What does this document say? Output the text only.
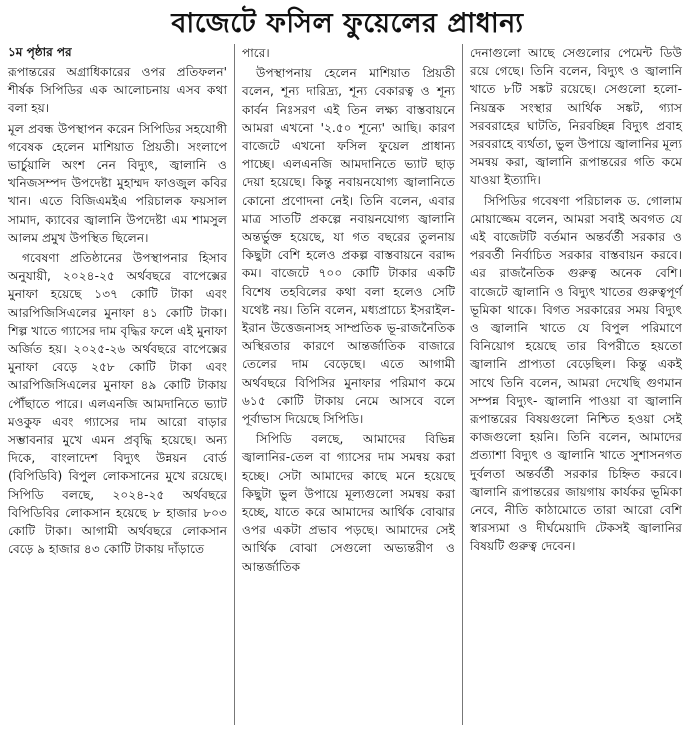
বাজেটে ফসিল ফুয়েলের প্রাধান্য
১ম পৃষ্ঠার পর

রূপান্তরের অগ্রাধিকারের ওপর প্রতিফলন' শীর্ষক সিপিডির এক আলোচনায় এসব কথা বলা হয়।

মূল প্রবন্ধ উপস্থাপন করেন সিপিডির সহযোগী গবেষক হেলেন মাশিয়াত প্রিয়তী। সংলাপে ভার্চুয়ালি অংশ নেন বিদ্যুৎ, জ্বালানি ও খনিজসম্পদ উপদেষ্টা মুহাম্মদ ফাওজুল কবির খান। এতে বিজিএমইএ পরিচালক ফয়সাল সামাদ, ক্যাবের জ্বালানি উপদেষ্টা এম শামসুল আলম প্রমুখ উপস্থিত ছিলেন।

গবেষণা প্রতিষ্ঠানের উপস্থাপনার হিসাব অনুযায়ী, ২০২৪-২৫ অর্থবছরে বাপেক্সের মুনাফা হয়েছে ১৩৭ কোটি টাকা এবং আরপিজিসিএলের মুনাফা ৪১ কোটি টাকা। শিল্প খাতে গ্যাসের দাম বৃদ্ধির ফলে এই মুনাফা অর্জিত হয়। ২০২৫-২৬ অর্থবছরে বাপেক্সের মুনাফা বেড়ে ২৫৮ কোটি টাকা এবং আরপিজিসিএলের মুনাফা ৪৯ কোটি টাকায় পৌঁছাতে পারে। এলএনজি আমদানিতে ভ্যাট মওকুফ এবং গ্যাসের দাম আরো বাড়ার সম্ভাবনার মুখে এমন প্রবৃদ্ধি হয়েছে। অন্য দিকে, বাংলাদেশ বিদ্যুৎ উন্নয়ন বোর্ড (বিপিডিবি) বিপুল লোকসানের মুখে রয়েছে। সিপিডি বলছে, ২০২৪-২৫ অর্থবছরে বিপিডিবির লোকসান হয়েছে ৮ হাজার ৮০৩ কোটি টাকা। আগামী অর্থবছরে লোকসান বেড়ে ৯ হাজার ৪৩ কোটি টাকায় দাঁড়াতে

পারে।

উপস্থাপনায় হেলেন মাশিয়াত প্রিয়তী বলেন, শূন্য দারিদ্র্য, শূন্য বেকারত্ব ও শূন্য কার্বন নিঃসরণ এই তিন লক্ষ্য বাস্তবায়নে আমরা এখনো '২.৫০ শূন্যে' আছি। কারণ বাজেটে এখনো ফসিল ফুয়েল প্রাধান্য পাচ্ছে। এলএনজি আমদানিতে ভ্যাট ছাড় দেয়া হয়েছে। কিন্তু নবায়নযোগ্য জ্বালানিতে কোনো প্রণোদনা নেই। তিনি বলেন, এবার মাত্র সাতটি প্রকল্পে নবায়নযোগ্য জ্বালানি অন্তর্ভুক্ত হয়েছে, যা গত বছরের তুলনায় কিছুটা বেশি হলেও প্রকল্প বাস্তবায়নে বরাদ্দ কম। বাজেটে ৭০০ কোটি টাকার একটি বিশেষ তহবিলের কথা বলা হলেও সেটি যথেষ্ট নয়। তিনি বলেন, মধ্যপ্রাচ্যে ইসরাইল-ইরান উত্তেজনাসহ সাম্প্রতিক ভূ-রাজনৈতিক অস্থিরতার কারণে আন্তর্জাতিক বাজারে তেলের দাম বেড়েছে। এতে আগামী অর্থবছরে বিপিসির মুনাফার পরিমাণ কমে ৬১৫ কোটি টাকায় নেমে আসবে বলে পূর্বাভাস দিয়েছে সিপিডি।

সিপিডি বলছে, আমাদের বিভিন্ন জ্বালানির-তেল বা গ্যাসের দাম সমন্বয় করা হচ্ছে। সেটা আমাদের কাছে মনে হয়েছে কিছুটা ভুল উপায়ে মূল্যগুলো সমন্বয় করা হচ্ছে, যাতে করে আমাদের আর্থিক বোঝার ওপর একটা প্রভাব পড়ছে। আমাদের সেই আর্থিক বোঝা সেগুলো অভ্যন্তরীণ ও আন্তর্জাতিক

দেনাগুলো আছে সেগুলোর পেমেন্ট ডিউ রয়ে গেছে। তিনি বলেন, বিদ্যুৎ ও জ্বালানি খাতে ৮টি সঙ্কট রয়েছে। সেগুলো হলো- নিয়ন্ত্রক সংস্থার আর্থিক সঙ্কট, গ্যাস সরবরাহের ঘাটতি, নিরবচ্ছিন্ন বিদ্যুৎ প্রবাহ সরবরাহে ব্যর্থতা, ভুল উপায়ে জ্বালানির মূল্য সমন্বয় করা, জ্বালানি রূপান্তরের গতি কমে যাওয়া ইত্যাদি।

সিপিডির গবেষণা পরিচালক ড. গোলাম মোয়াজ্জেম বলেন, আমরা সবাই অবগত যে এই বাজেটটি বর্তমান অন্তর্বর্তী সরকার ও পরবর্তী নির্বাচিত সরকার বাস্তবায়ন করবে। এর রাজনৈতিক গুরুত্ব অনেক বেশি। বাজেটে জ্বালানি ও বিদ্যুৎ খাতের গুরুত্বপূর্ণ ভূমিকা থাকে। বিগত সরকারের সময় বিদ্যুৎ ও জ্বালানি খাতে যে বিপুল পরিমাণে বিনিয়োগ হয়েছে তার বিপরীতে হয়তো জ্বালানি প্রাপ্যতা বেড়েছিল। কিন্তু একই সাথে তিনি বলেন, আমরা দেখেছি গুণমান সম্পন্ন বিদ্যুৎ- জ্বালানি পাওয়া বা জ্বালানি রূপান্তরের বিষয়গুলো নিশ্চিত হওয়া সেই কাজগুলো হয়নি। তিনি বলেন, আমাদের প্রত্যাশা বিদ্যুৎ ও জ্বালানি খাতে সুশাসনগত দুর্বলতা অন্তর্বর্তী সরকার চিহ্নিত করবে। জ্বালানি রূপান্তরের জায়গায় কার্যকর ভূমিকা নেবে, নীতি কাঠামোতে তারা আরো বেশি স্বারস্যমা ও দীর্ঘমেয়াদি টেকসই জ্বালানির বিষয়টি গুরুত্ব দেবেন।
